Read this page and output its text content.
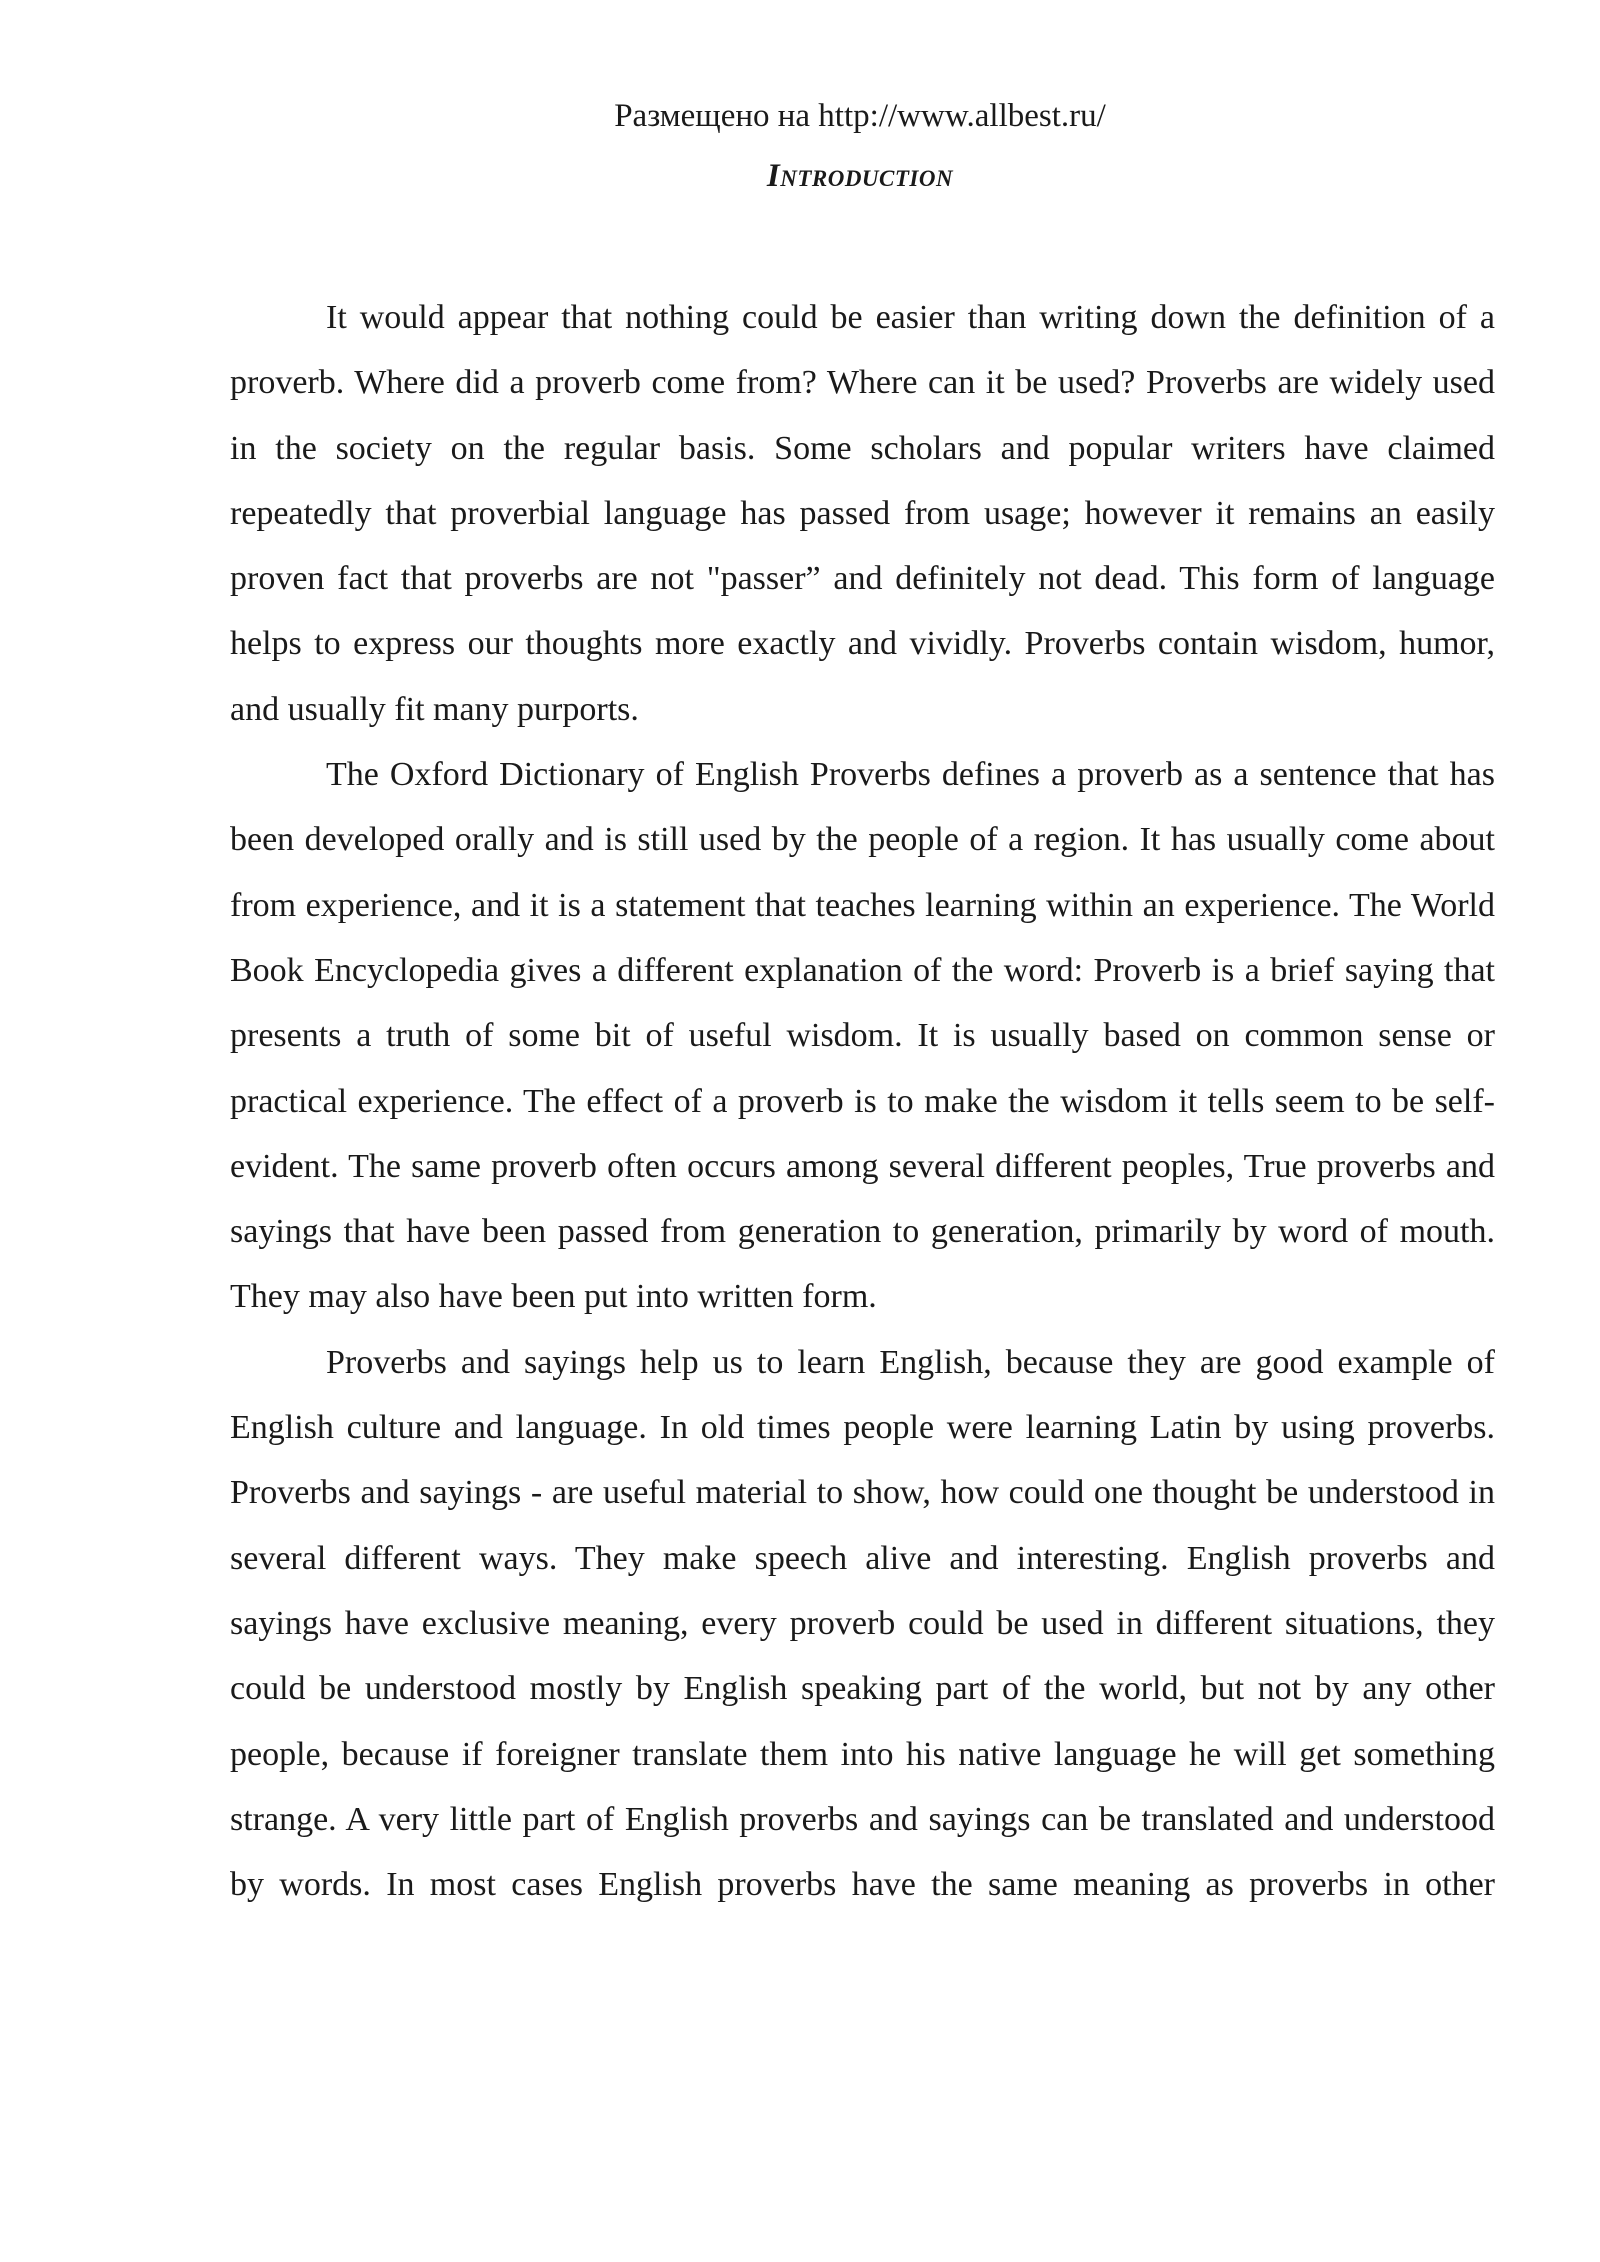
Размещено на http://www.allbest.ru/
Introduction

It would appear that nothing could be easier than writing down the definition of a proverb. Where did a proverb come from? Where can it be used? Proverbs are widely used in the society on the regular basis. Some scholars and popular writers have claimed repeatedly that proverbial language has passed from usage; however it remains an easily proven fact that proverbs are not "passer” and definitely not dead. This form of language helps to express our thoughts more exactly and vividly. Proverbs contain wisdom, humor, and usually fit many purports.

The Oxford Dictionary of English Proverbs defines a proverb as a sentence that has been developed orally and is still used by the people of a region. It has usually come about from experience, and it is a statement that teaches learning within an experience. The World Book Encyclopedia gives a different explanation of the word: Proverb is a brief saying that presents a truth of some bit of useful wisdom. It is usually based on common sense or practical experience. The effect of a proverb is to make the wisdom it tells seem to be self-evident. The same proverb often occurs among several different peoples, True proverbs and sayings that have been passed from generation to generation, primarily by word of mouth. They may also have been put into written form.

Proverbs and sayings help us to learn English, because they are good example of English culture and language. In old times people were learning Latin by using proverbs. Proverbs and sayings - are useful material to show, how could one thought be understood in several different ways. They make speech alive and interesting. English proverbs and sayings have exclusive meaning, every proverb could be used in different situations, they could be understood mostly by English speaking part of the world, but not by any other people, because if foreigner translate them into his native language he will get something strange. A very little part of English proverbs and sayings can be translated and understood by words. In most cases English proverbs have the same meaning as proverbs in other
